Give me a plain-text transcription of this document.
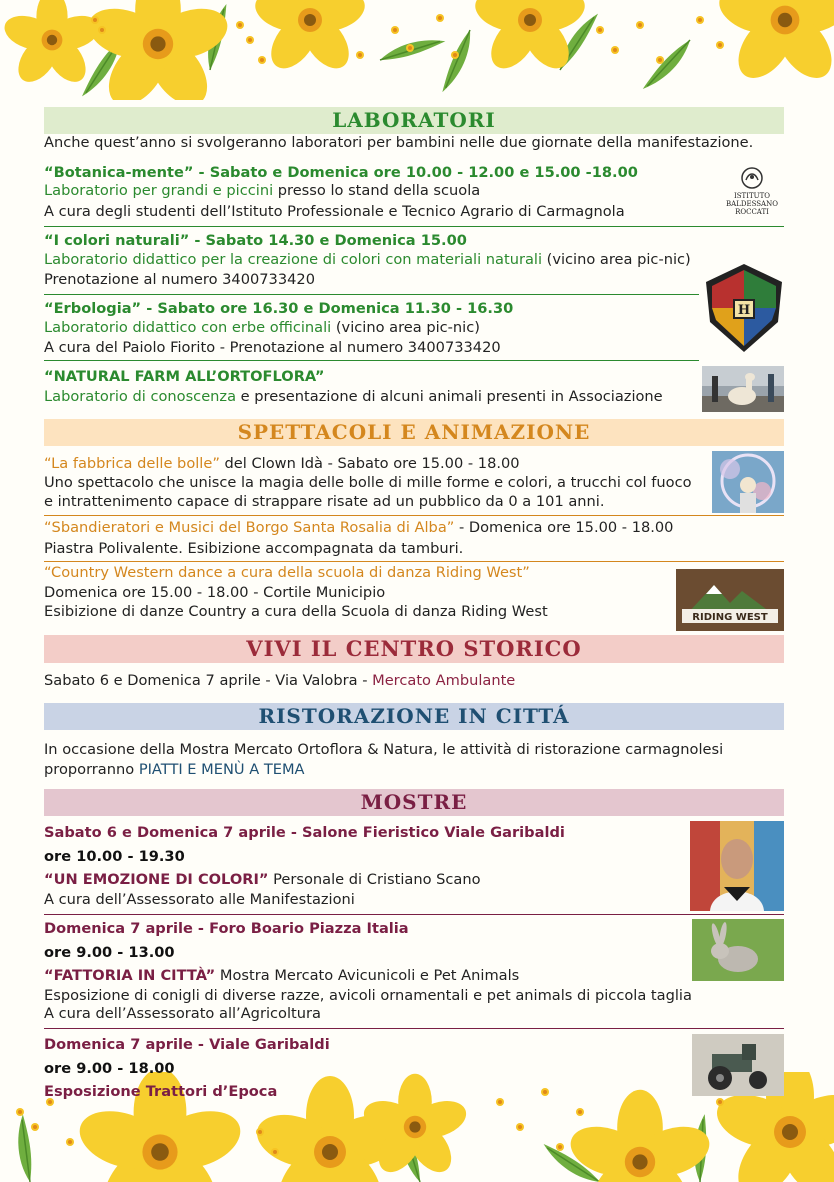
LABORATORI
Anche quest’anno si svolgeranno laboratori per bambini nelle due giornate della manifestazione.
“Botanica-mente” - Sabato e Domenica ore 10.00 - 12.00 e 15.00 -18.00
Laboratorio per grandi e piccini presso lo stand della scuola
A cura degli studenti dell’Istituto Professionale e Tecnico Agrario di Carmagnola
ISTITUTO
BALDESSANO
ROCCATI
“I colori naturali” - Sabato 14.30 e Domenica 15.00
Laboratorio didattico per la creazione di colori con materiali naturali (vicino area pic-nic)
Prenotazione al numero 3400733420
“Erbologia” - Sabato ore 16.30 e Domenica 11.30 - 16.30
Laboratorio didattico con erbe officinali (vicino area pic-nic)
A cura del Paiolo Fiorito - Prenotazione al numero 3400733420
H
“NATURAL FARM ALL’ORTOFLORA”
Laboratorio di conoscenza e presentazione di alcuni animali presenti in Associazione
SPETTACOLI E ANIMAZIONE
“La fabbrica delle bolle” del Clown Idà - Sabato ore 15.00 - 18.00
Uno spettacolo che unisce la magia delle bolle di mille forme e colori, a trucchi col fuoco
e intrattenimento capace di strappare risate ad un pubblico da 0 a 101 anni.
“Sbandieratori e Musici del Borgo Santa Rosalia di Alba” - Domenica ore 15.00 - 18.00
Piastra Polivalente. Esibizione accompagnata da tamburi.
“Country Western dance a cura della scuola di danza Riding West”
Domenica ore 15.00 - 18.00 - Cortile Municipio
Esibizione di danze Country a cura della Scuola di danza Riding West	RIDING WEST
VIVI IL CENTRO STORICO
Sabato 6 e Domenica 7 aprile - Via Valobra - Mercato Ambulante
RISTORAZIONE IN CITTÁ
In occasione della Mostra Mercato Ortoflora & Natura, le attività di ristorazione carmagnolesi
proporranno PIATTI E MENÙ A TEMA
MOSTRE
Sabato 6 e Domenica 7 aprile - Salone Fieristico Viale Garibaldi
ore 10.00 - 19.30
“UN EMOZIONE DI COLORI” Personale di Cristiano Scano
A cura dell’Assessorato alle Manifestazioni
Domenica 7 aprile - Foro Boario Piazza Italia
ore 9.00 - 13.00
“FATTORIA IN CITTÀ” Mostra Mercato Avicunicoli e Pet Animals
Esposizione di conigli di diverse razze, avicoli ornamentali e pet animals di piccola taglia
A cura dell’Assessorato all’Agricoltura
Domenica 7 aprile - Viale Garibaldi
ore 9.00 - 18.00
Esposizione Trattori d’Epoca
